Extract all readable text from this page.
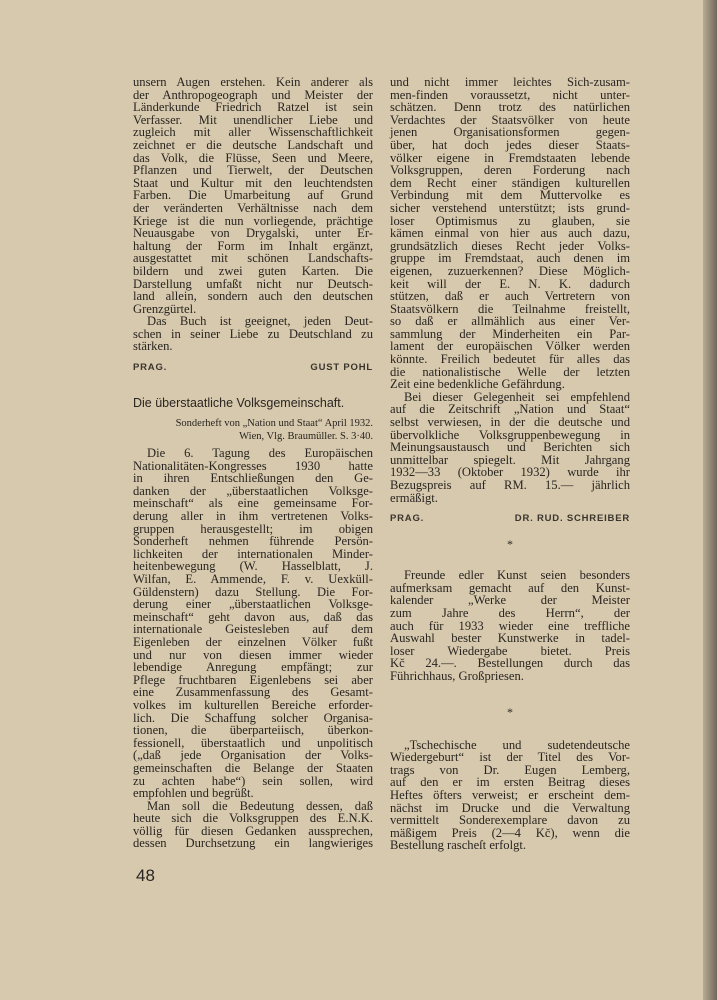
unsern Augen erstehen. Kein anderer als
der Anthropogeograph und Meister der
Länderkunde Friedrich Ratzel ist sein
Verfasser. Mit unendlicher Liebe und
zugleich mit aller Wissenschaftlichkeit
zeichnet er die deutsche Landschaft und
das Volk, die Flüsse, Seen und Meere,
Pflanzen und Tierwelt, der Deutschen
Staat und Kultur mit den leuchtendsten
Farben. Die Umarbeitung auf Grund
der veränderten Verhältnisse nach dem
Kriege ist die nun vorliegende, prächtige
Neuausgabe von Drygalski, unter Er-
haltung der Form im Inhalt ergänzt,
ausgestattet mit schönen Landschafts-
bildern und zwei guten Karten. Die
Darstellung umfaßt nicht nur Deutsch-
land allein, sondern auch den deutschen
Grenzgürtel.
Das Buch ist geeignet, jeden Deut-
schen in seiner Liebe zu Deutschland zu
stärken.
PRAG.	GUST POHL
Die überstaatliche Volksgemeinschaft.
Sonderheft von „Nation und Staat“ April 1932.
Wien, Vlg. Braumüller. S. 3·40.
Die 6. Tagung des Europäischen
Nationalitäten-Kongresses 1930 hatte
in ihren Entschließungen den Ge-
danken der „überstaatlichen Volksge-
meinschaft“ als eine gemeinsame For-
derung aller in ihm vertretenen Volks-
gruppen herausgestellt; im obigen
Sonderheft nehmen führende Persön-
lichkeiten der internationalen Minder-
heitenbewegung (W. Hasselblatt, J.
Wilfan, E. Ammende, F. v. Uexküll-
Güldenstern) dazu Stellung. Die For-
derung einer „überstaatlichen Volksge-
meinschaft“ geht davon aus, daß das
internationale Geistesleben auf dem
Eigenleben der einzelnen Völker fußt
und nur von diesen immer wieder
lebendige Anregung empfängt; zur
Pflege fruchtbaren Eigenlebens sei aber
eine Zusammenfassung des Gesamt-
volkes im kulturellen Bereiche erforder-
lich. Die Schaffung solcher Organisa-
tionen, die überparteiisch, überkon-
fessionell, überstaatlich und unpolitisch
(„daß jede Organisation der Volks-
gemeinschaften die Belange der Staaten
zu achten habe“) sein sollen, wird
empfohlen und begrüßt.
Man soll die Bedeutung dessen, daß
heute sich die Volksgruppen des E.N.K.
völlig für diesen Gedanken aussprechen,
dessen Durchsetzung ein langwieriges
und nicht immer leichtes Sich-zusam-
men-finden voraussetzt, nicht unter-
schätzen. Denn trotz des natürlichen
Verdachtes der Staatsvölker von heute
jenen Organisationsformen gegen-
über, hat doch jedes dieser Staats-
völker eigene in Fremdstaaten lebende
Volksgruppen, deren Forderung nach
dem Recht einer ständigen kulturellen
Verbindung mit dem Muttervolke es
sicher verstehend unterstützt; ists grund-
loser Optimismus zu glauben, sie
kämen einmal von hier aus auch dazu,
grundsätzlich dieses Recht jeder Volks-
gruppe im Fremdstaat, auch denen im
eigenen, zuzuerkennen? Diese Möglich-
keit will der E. N. K. dadurch
stützen, daß er auch Vertretern von
Staatsvölkern die Teilnahme freistellt,
so daß er allmählich aus einer Ver-
sammlung der Minderheiten ein Par-
lament der europäischen Völker werden
könnte. Freilich bedeutet für alles das
die nationalistische Welle der letzten
Zeit eine bedenkliche Gefährdung.
Bei dieser Gelegenheit sei empfehlend
auf die Zeitschrift „Nation und Staat“
selbst verwiesen, in der die deutsche und
übervolkliche Volksgruppenbewegung in
Meinungsaustausch und Berichten sich
unmittelbar spiegelt. Mit Jahrgang
1932—33 (Oktober 1932) wurde ihr
Bezugspreis auf RM. 15.— jährlich
ermäßigt.
PRAG.	DR. RUD. SCHREIBER
*
Freunde edler Kunst seien besonders
aufmerksam gemacht auf den Kunst-
kalender „Werke der Meister
zum Jahre des Herrn“, der
auch für 1933 wieder eine treffliche
Auswahl bester Kunstwerke in tadel-
loser Wiedergabe bietet. Preis
Kč 24.—. Bestellungen durch das
Führichhaus, Großpriesen.
*
„Tschechische und sudetendeutsche
Wiedergeburt“ ist der Titel des Vor-
trags von Dr. Eugen Lemberg,
auf den er im ersten Beitrag dieses
Heftes öfters verweist; er erscheint dem-
nächst im Drucke und die Verwaltung
vermittelt Sonderexemplare davon zu
mäßigem Preis (2—4 Kč), wenn die
Bestellung rascheſt erfolgt.
48
